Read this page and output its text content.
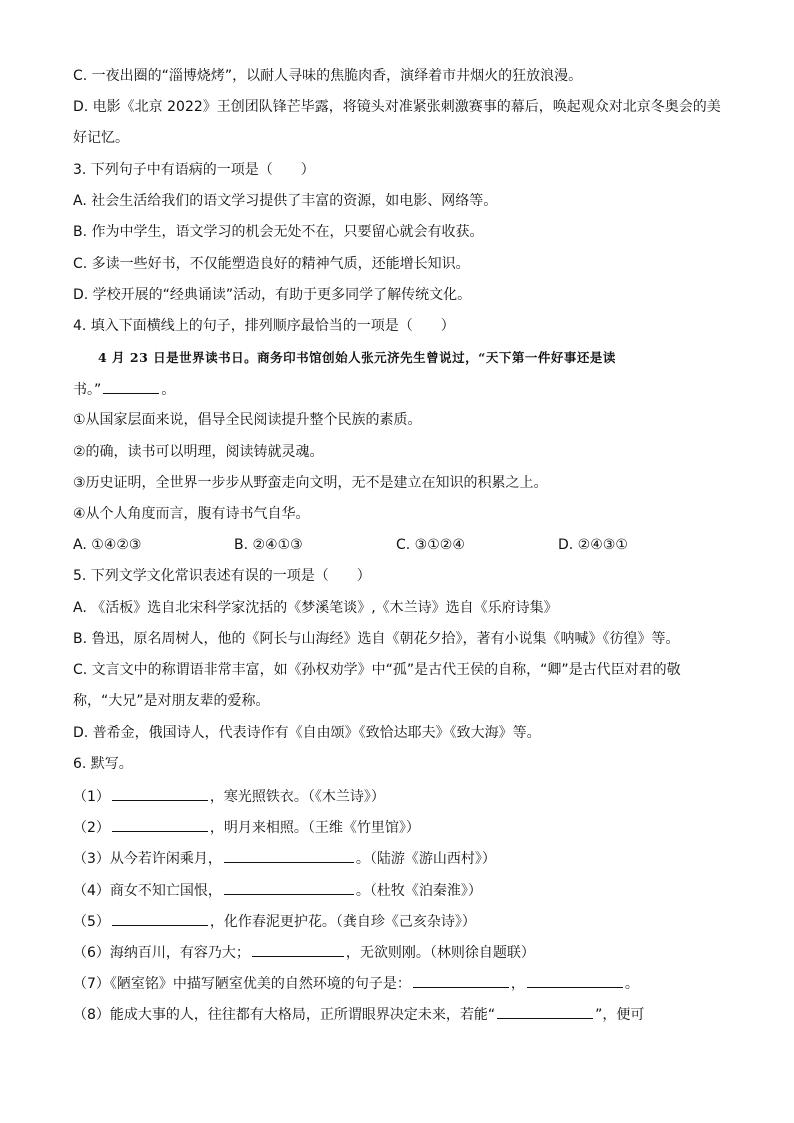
C. 一夜出圈的“淄博烧烤”，以耐人寻味的焦脆肉香，演绎着市井烟火的狂放浪漫。
D. 电影《北京 2022》王创团队锋芒毕露，将镜头对准紧张刺激赛事的幕后，唤起观众对北京冬奥会的美
好记忆。
3. 下列句子中有语病的一项是（　　）
A. 社会生活给我们的语文学习提供了丰富的资源，如电影、网络等。
B. 作为中学生，语文学习的机会无处不在，只要留心就会有收获。
C. 多读一些好书，不仅能塑造良好的精神气质，还能增长知识。
D. 学校开展的“经典诵读”活动，有助于更多同学了解传统文化。
4. 填入下面横线上的句子，排列顺序最恰当的一项是（　　）
4 月 23 日是世界读书日。商务印书馆创始人张元济先生曾说过，“天下第一件好事还是读
书。”	。
①从国家层面来说，倡导全民阅读提升整个民族的素质。
②的确，读书可以明理，阅读铸就灵魂。
③历史证明，全世界一步步从野蛮走向文明，无不是建立在知识的积累之上。
④从个人角度而言，腹有诗书气自华。
A. ①④②③	B. ②④①③	C. ③①②④	D. ②④③①
5. 下列文学文化常识表述有误的一项是（　　）
A. 《活板》选自北宋科学家沈括的《梦溪笔谈》,《木兰诗》选自《乐府诗集》
B. 鲁迅，原名周树人，他的《阿长与山海经》选自《朝花夕拾》，著有小说集《呐喊》《彷徨》等。
C. 文言文中的称谓语非常丰富，如《孙权劝学》中“孤”是古代王侯的自称，“卿”是古代臣对君的敬
称，“大兄”是对朋友辈的爱称。
D. 普希金，俄国诗人，代表诗作有《自由颂》《致恰达耶夫》《致大海》等。
6. 默写。
（1）	，寒光照铁衣。（《木兰诗》）
（2）	，明月来相照。（王维《竹里馆》）
（3）从今若许闲乘月，	。（陆游《游山西村》）
（4）商女不知亡国恨，	。（杜牧《泊秦淮》）
（5）	，化作春泥更护花。（龚自珍《己亥杂诗》）
（6）海纳百川，有容乃大；	，无欲则刚。（林则徐自题联）
（7）《陋室铭》中描写陋室优美的自然环境的句子是：	，	。
（8）能成大事的人，往往都有大格局，正所谓眼界决定未来，若能“	”，便可
